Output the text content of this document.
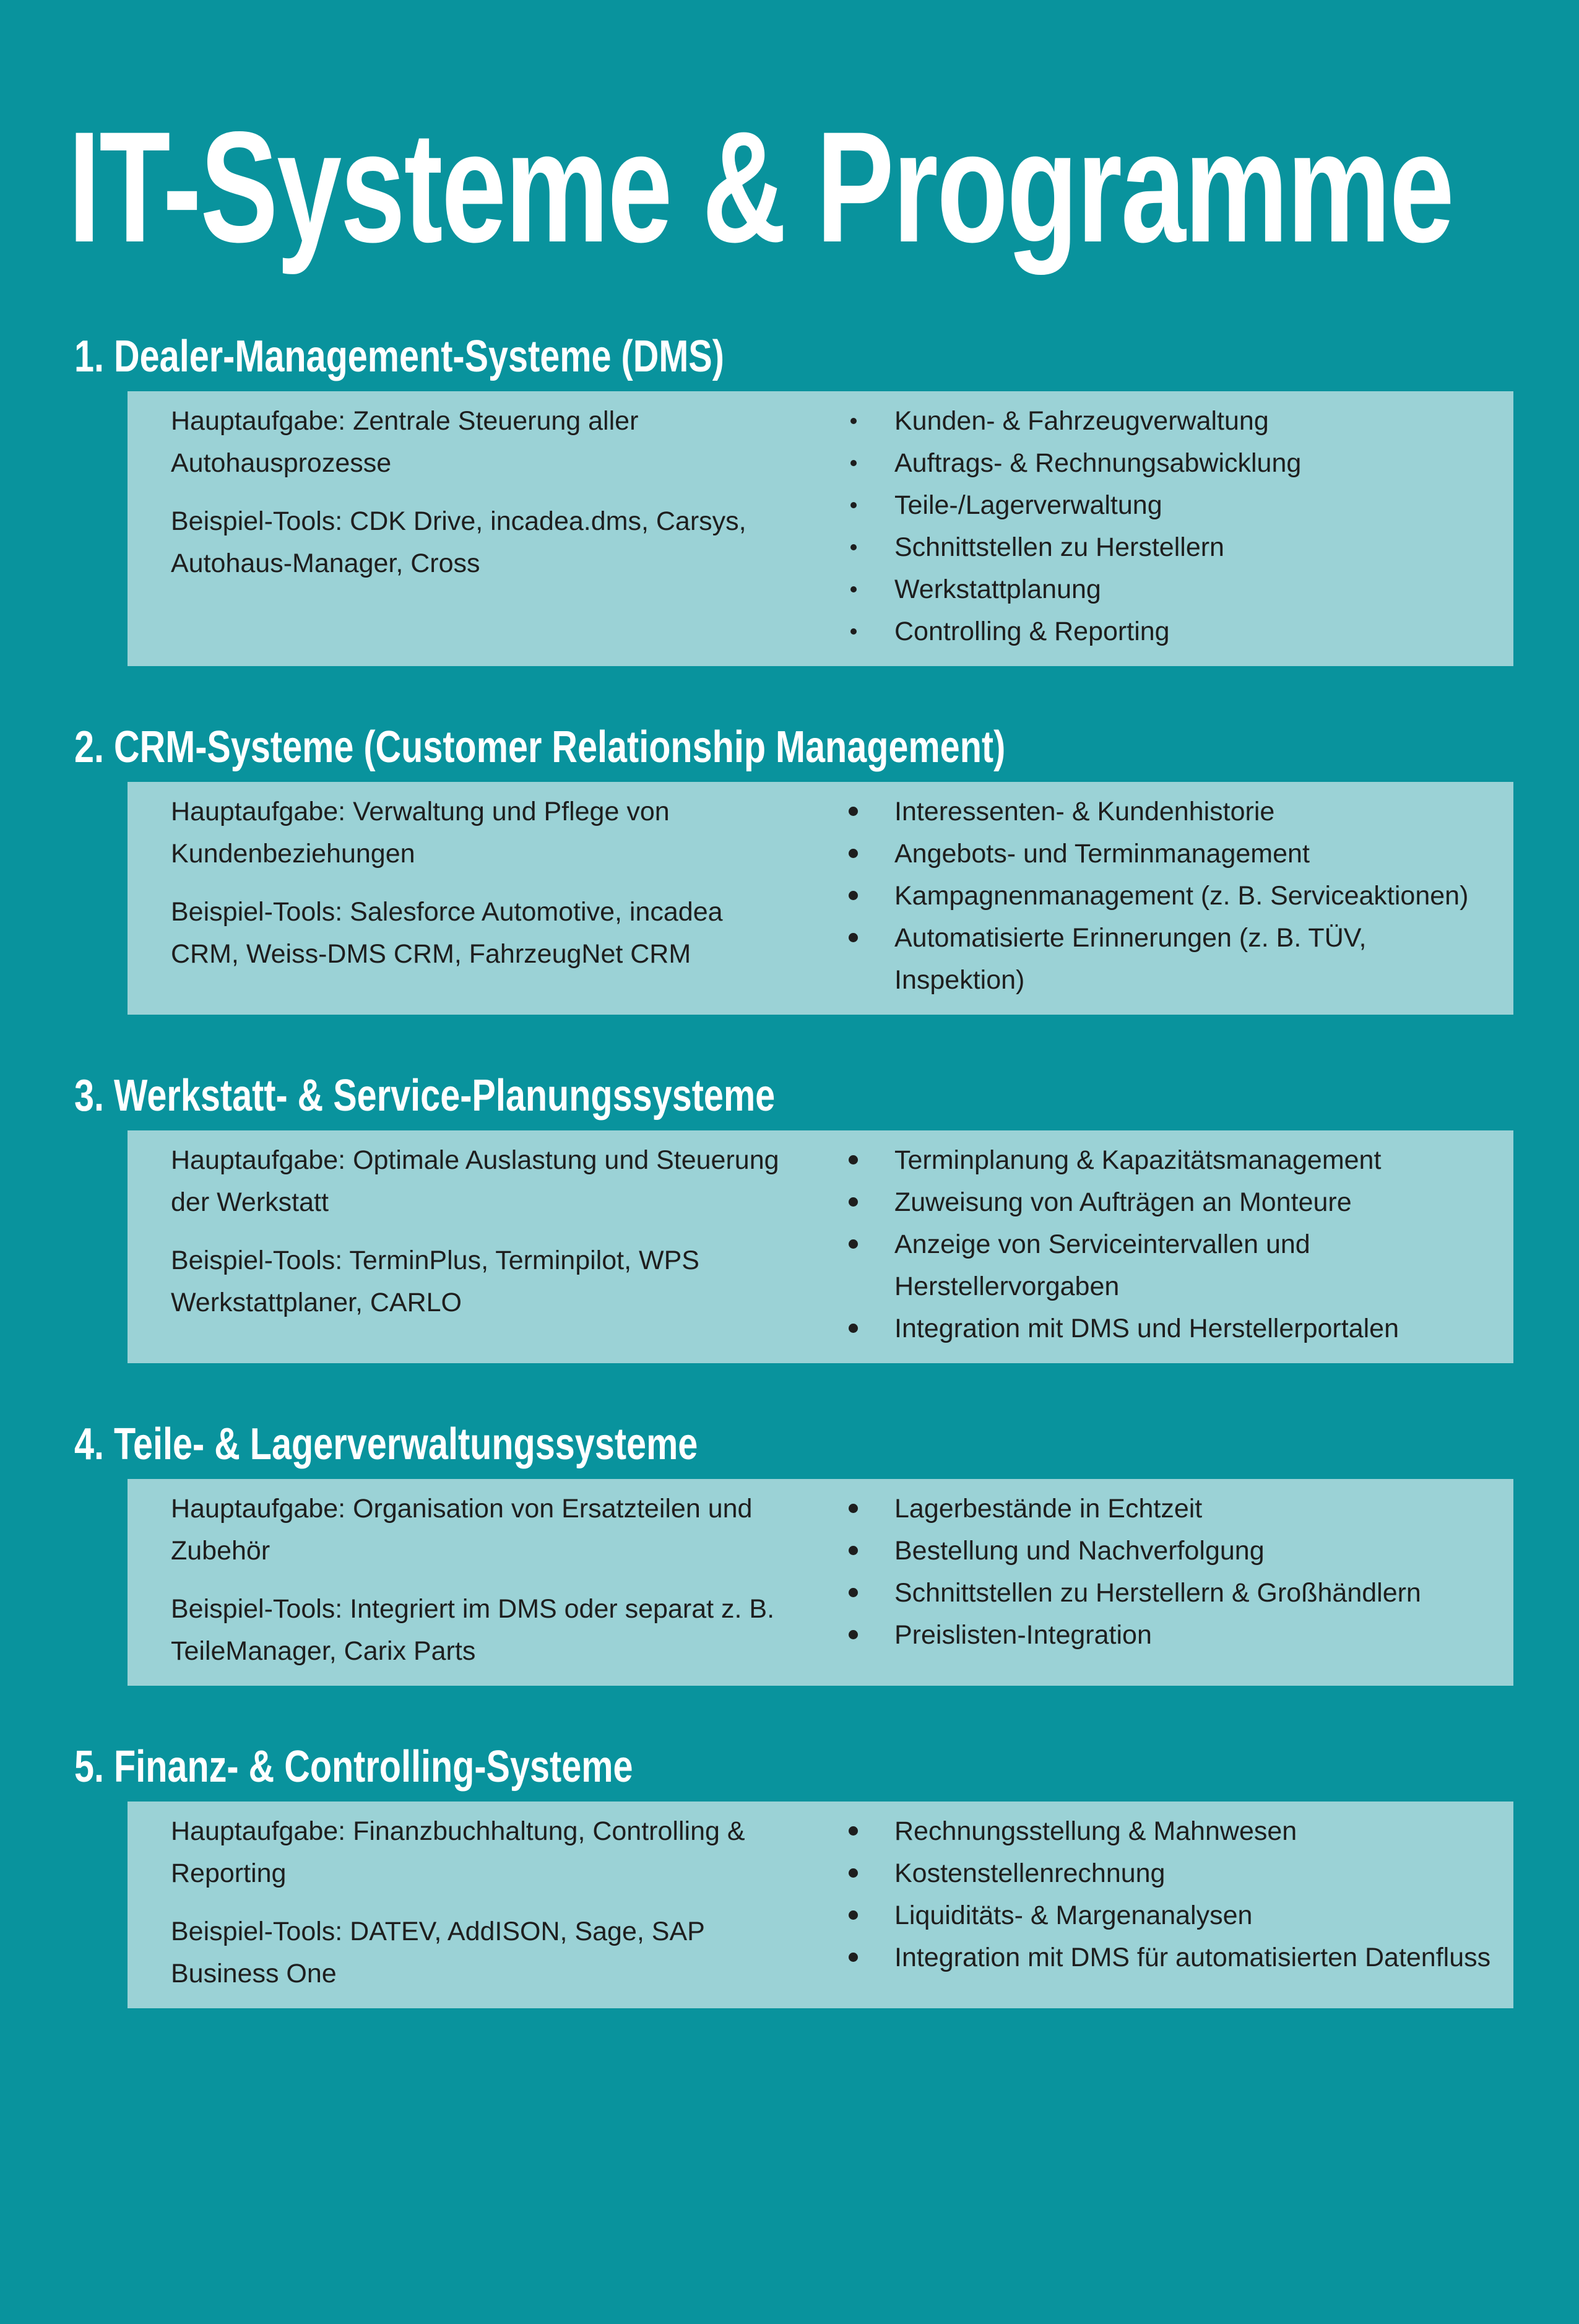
IT-Systeme & Programme
1. Dealer-Management-Systeme (DMS)

Hauptaufgabe: Zentrale Steuerung aller Autohausprozesse

Beispiel-Tools: CDK Drive, incadea.dms, Carsys, Autohaus-Manager, Cross

Kunden- & Fahrzeugverwaltung
Auftrags- & Rechnungsabwicklung
Teile-/Lagerverwaltung
Schnittstellen zu Herstellern
Werkstattplanung
Controlling & Reporting
2. CRM-Systeme (Customer Relationship Management)

Hauptaufgabe: Verwaltung und Pflege von Kundenbeziehungen

Beispiel-Tools: Salesforce Automotive, incadea CRM, Weiss-DMS CRM, FahrzeugNet CRM

Interessenten- & Kundenhistorie
Angebots- und Terminmanagement
Kampagnenmanagement (z. B. Serviceaktionen)
Automatisierte Erinnerungen (z. B. TÜV, Inspektion)
3. Werkstatt- & Service-Planungssysteme

Hauptaufgabe: Optimale Auslastung und Steuerung der Werkstatt

Beispiel-Tools: TerminPlus, Terminpilot, WPS Werkstattplaner, CARLO

Terminplanung & Kapazitätsmanagement
Zuweisung von Aufträgen an Monteure
Anzeige von Serviceintervallen und Herstellervorgaben
Integration mit DMS und Herstellerportalen
4. Teile- & Lagerverwaltungssysteme

Hauptaufgabe: Organisation von Ersatzteilen und Zubehör

Beispiel-Tools: Integriert im DMS oder separat z. B. TeileManager, Carix Parts

Lagerbestände in Echtzeit
Bestellung und Nachverfolgung
Schnittstellen zu Herstellern & Großhändlern
Preislisten-Integration
5. Finanz- & Controlling-Systeme

Hauptaufgabe: Finanzbuchhaltung, Controlling & Reporting

Beispiel-Tools: DATEV, AddISON, Sage, SAP Business One

Rechnungsstellung & Mahnwesen
Kostenstellenrechnung
Liquiditäts- & Margenanalysen
Integration mit DMS für automatisierten Datenfluss
